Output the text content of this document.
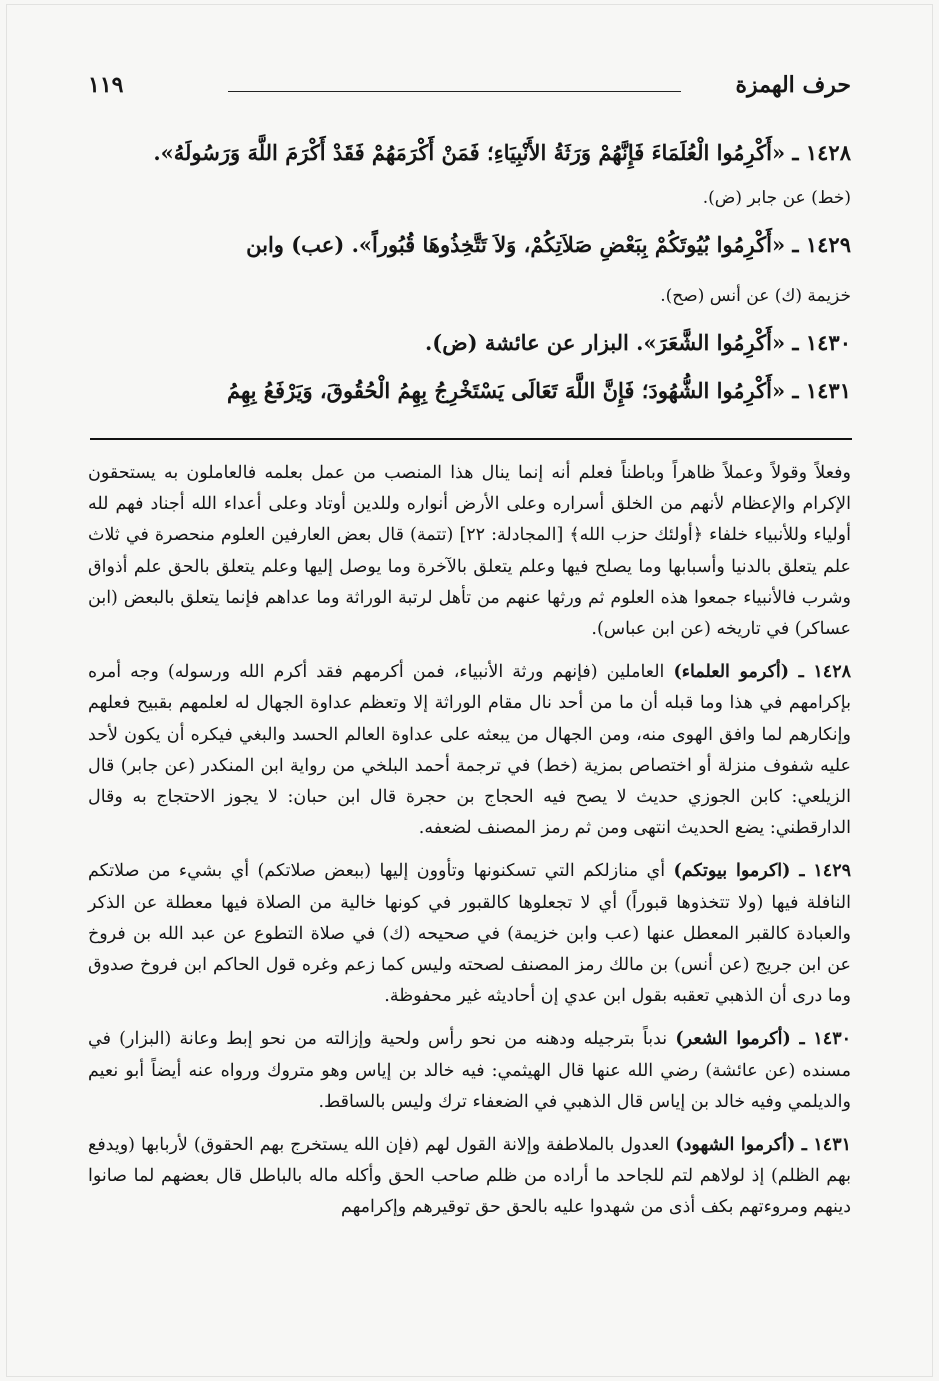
حرف الهمزة
١١٩
١٤٢٨ ـ «أَكْرِمُوا الْعُلَمَاءَ فَإِنَّهُمْ وَرَثَةُ الأَنْبِيَاءِ؛ فَمَنْ أَكْرَمَهُمْ فَقَدْ أَكْرَمَ اللَّهَ وَرَسُولَهُ».
(خط) عن جابر (ض).
١٤٢٩ ـ «أَكْرِمُوا بُيُوتَكُمْ بِبَعْضِ صَلاَتِكُمْ، وَلاَ تَتَّخِذُوهَا قُبُوراً». (عب) وابن
خزيمة (ك) عن أنس (صح).
١٤٣٠ ـ «أَكْرِمُوا الشَّعَرَ». البزار عن عائشة (ض).
١٤٣١ ـ «أَكْرِمُوا الشُّهُودَ؛ فَإِنَّ اللَّهَ تَعَالَى يَسْتَخْرِجُ بِهِمُ الْحُقُوقَ، وَيَرْفَعُ بِهِمُ

وفعلاً وقولاً وعملاً ظاهراً وباطناً فعلم أنه إنما ينال هذا المنصب من عمل بعلمه فالعاملون به يستحقون الإكرام والإعظام لأنهم من الخلق أسراره وعلى الأرض أنواره وللدين أوتاد وعلى أعداء الله أجناد فهم لله أولياء وللأنبياء خلفاء ﴿أولئك حزب الله﴾ [المجادلة: ٢٢] (تتمة) قال بعض العارفين العلوم منحصرة في ثلاث علم يتعلق بالدنيا وأسبابها وما يصلح فيها وعلم يتعلق بالآخرة وما يوصل إليها وعلم يتعلق بالحق علم أذواق وشرب فالأنبياء جمعوا هذه العلوم ثم ورثها عنهم من تأهل لرتبة الوراثة وما عداهم فإنما يتعلق بالبعض (ابن عساكر) في تاريخه (عن ابن عباس).

١٤٢٨ ـ (أكرمو العلماء) العاملين (فإنهم ورثة الأنبياء، فمن أكرمهم فقد أكرم الله ورسوله) وجه أمره بإكرامهم في هذا وما قبله أن ما من أحد نال مقام الوراثة إلا وتعظم عداوة الجهال له لعلمهم بقبيح فعلهم وإنكارهم لما وافق الهوى منه، ومن الجهال من يبعثه على عداوة العالم الحسد والبغي فيكره أن يكون لأحد عليه شفوف منزلة أو اختصاص بمزية (خط) في ترجمة أحمد البلخي من رواية ابن المنكدر (عن جابر) قال الزيلعي: كابن الجوزي حديث لا يصح فيه الحجاج بن حجرة قال ابن حبان: لا يجوز الاحتجاج به وقال الدارقطني: يضع الحديث انتهى ومن ثم رمز المصنف لضعفه.

١٤٢٩ ـ (اكرموا بيوتكم) أي منازلكم التي تسكنونها وتأوون إليها (ببعض صلاتكم) أي بشيء من صلاتكم النافلة فيها (ولا تتخذوها قبوراً) أي لا تجعلوها كالقبور في كونها خالية من الصلاة فيها معطلة عن الذكر والعبادة كالقبر المعطل عنها (عب وابن خزيمة) في صحيحه (ك) في صلاة التطوع عن عبد الله بن فروخ عن ابن جريج (عن أنس) بن مالك رمز المصنف لصحته وليس كما زعم وغره قول الحاكم ابن فروخ صدوق وما درى أن الذهبي تعقبه بقول ابن عدي إن أحاديثه غير محفوظة.

١٤٣٠ ـ (أكرموا الشعر) ندباً بترجيله ودهنه من نحو رأس ولحية وإزالته من نحو إبط وعانة (البزار) في مسنده (عن عائشة) رضي الله عنها قال الهيثمي: فيه خالد بن إياس وهو متروك ورواه عنه أيضاً أبو نعيم والديلمي وفيه خالد بن إياس قال الذهبي في الضعفاء ترك وليس بالساقط.

١٤٣١ ـ (أكرموا الشهود) العدول بالملاطفة وإلانة القول لهم (فإن الله يستخرج بهم الحقوق) لأربابها (ويدفع بهم الظلم) إذ لولاهم لتم للجاحد ما أراده من ظلم صاحب الحق وأكله ماله بالباطل قال بعضهم لما صانوا دينهم ومروءتهم بكف أذى من شهدوا عليه بالحق حق توقيرهم وإكرامهم
